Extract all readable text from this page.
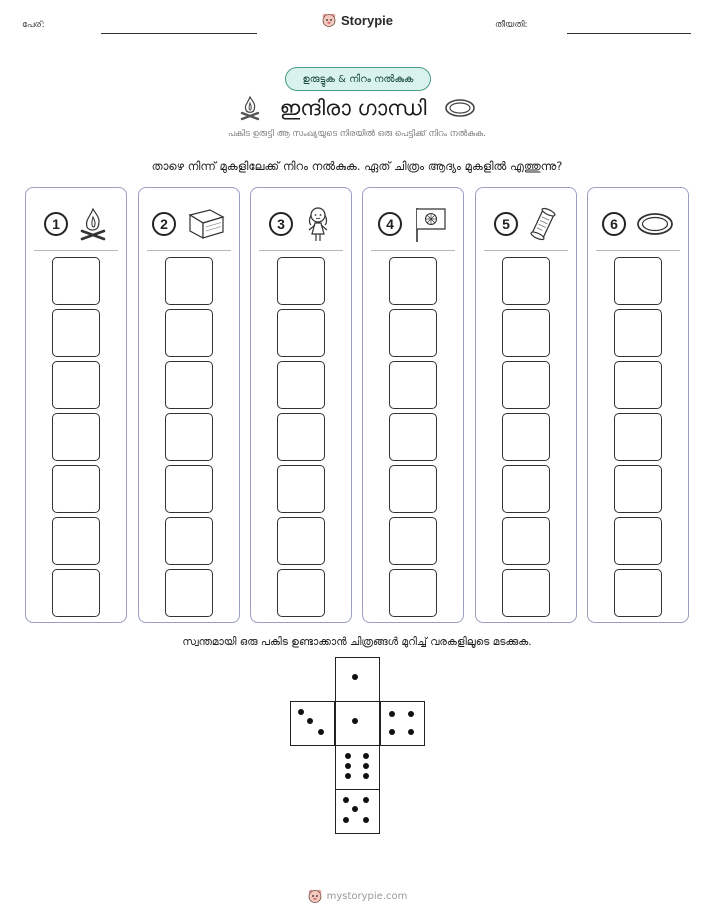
പേര്:	Storypie	തീയതി:
ഉരുട്ടുക & നിറം നൽകുക
ഇന്ദിരാ ഗാന്ധി
പകിട ഉരുട്ടി ആ സംഖ്യയുടെ നിരയിൽ ഒരു പെട്ടിക്ക് നിറം നൽകുക.
താഴെ നിന്ന് മുകളിലേക്ക് നിറം നൽകുക. ഏത് ചിത്രം ആദ്യം മുകളിൽ എത്തുന്നു?
1	2	3	4	5	6
സ്വന്തമായി ഒരു പകിട ഉണ്ടാക്കാൻ ചിത്രങ്ങൾ മുറിച്ച് വരകളിലൂടെ മടക്കുക.
mystorypie.com
